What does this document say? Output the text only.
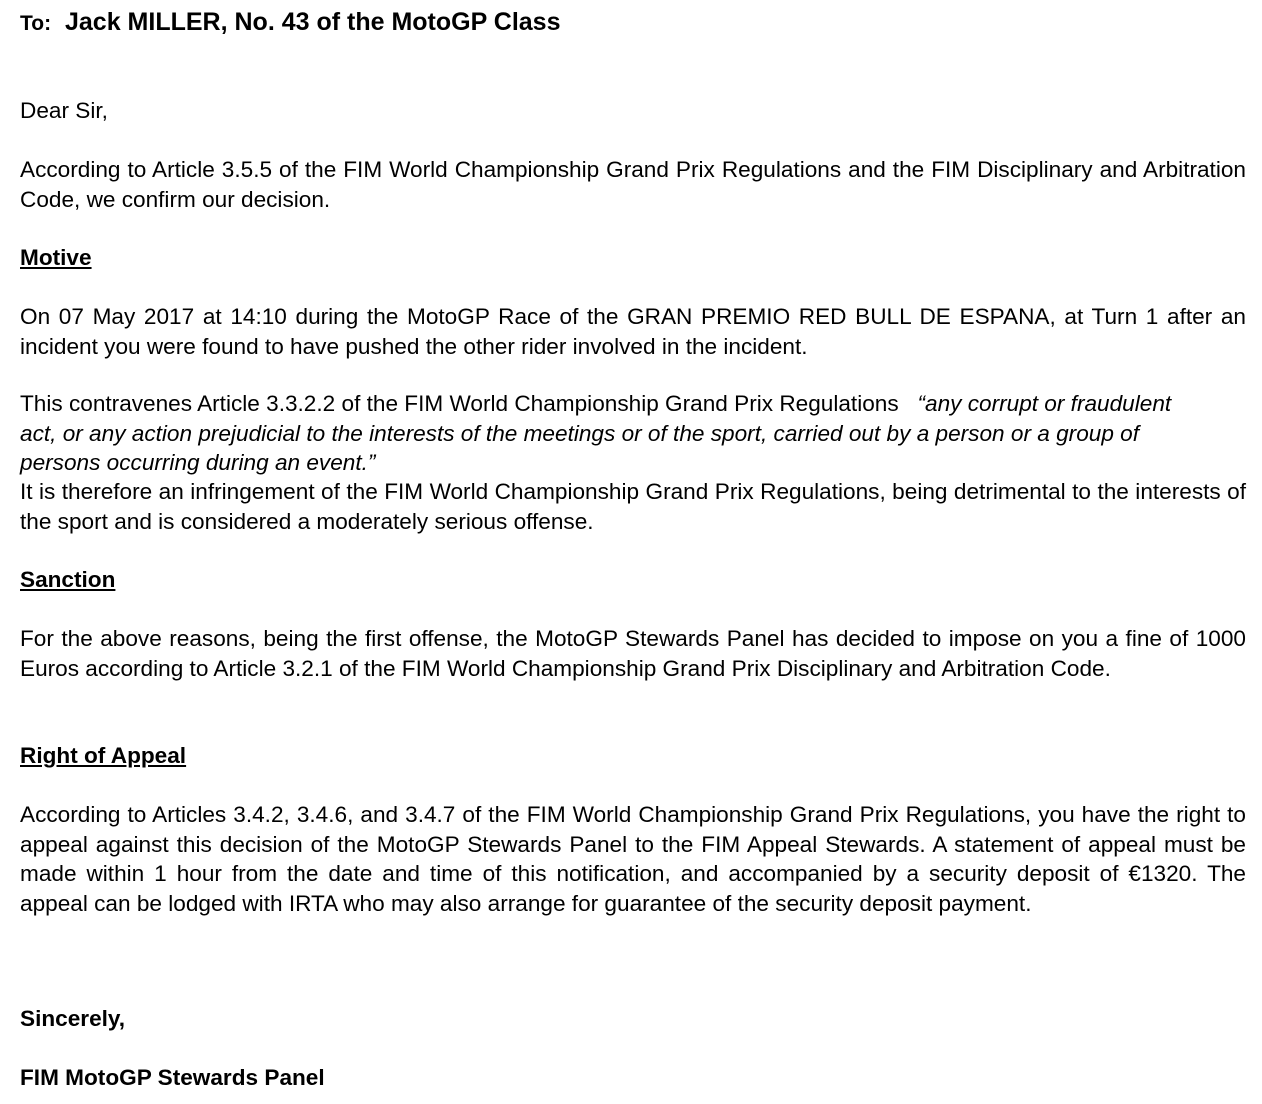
To: Jack MILLER, No. 43 of the MotoGP Class
Dear Sir,
According to Article 3.5.5 of the FIM World Championship Grand Prix Regulations and the FIM Disciplinary and Arbitration Code, we confirm our decision.
Motive
On 07 May 2017 at 14:10 during the MotoGP Race of the GRAN PREMIO RED BULL DE ESPANA, at Turn 1 after an incident you were found to have pushed the other rider involved in the incident.
This contravenes Article 3.3.2.2 of the FIM World Championship Grand Prix Regulations “any corrupt or fraudulent act, or any action prejudicial to the interests of the meetings or of the sport, carried out by a person or a group of persons occurring during an event.”
It is therefore an infringement of the FIM World Championship Grand Prix Regulations, being detrimental to the interests of the sport and is considered a moderately serious offense.
Sanction
For the above reasons, being the first offense, the MotoGP Stewards Panel has decided to impose on you a fine of 1000 Euros according to Article 3.2.1 of the FIM World Championship Grand Prix Disciplinary and Arbitration Code.
Right of Appeal
According to Articles 3.4.2, 3.4.6, and 3.4.7 of the FIM World Championship Grand Prix Regulations, you have the right to appeal against this decision of the MotoGP Stewards Panel to the FIM Appeal Stewards. A statement of appeal must be made within 1 hour from the date and time of this notification, and accompanied by a security deposit of €1320. The appeal can be lodged with IRTA who may also arrange for guarantee of the security deposit payment.
Sincerely,
FIM MotoGP Stewards Panel
